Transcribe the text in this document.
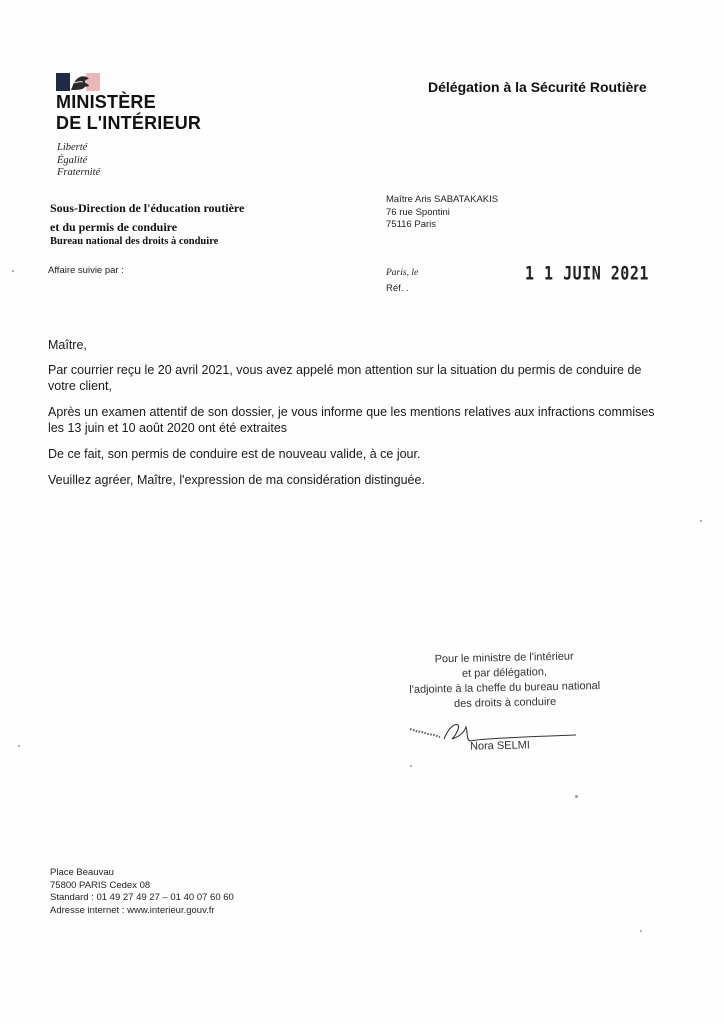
MINISTÈRE
DE L'INTÉRIEUR
Liberté
Égalité
Fraternité
Délégation à la Sécurité Routière
Sous-Direction de l'éducation routière
et du permis de conduire
Bureau national des droits à conduire
Maître Aris SABATAKAKIS
76 rue Spontini
75116 Paris
Affaire suivie par :	Paris, le	1 1 JUIN 2021
Réf. .

Maître,

Par courrier reçu le 20 avril 2021, vous avez appelé mon attention sur la situation du permis de conduire de votre client,

Après un examen attentif de son dossier, je vous informe que les mentions relatives aux infractions commises les 13 juin et 10 août 2020 ont été extraites

De ce fait, son permis de conduire est de nouveau valide, à ce jour.

Veuillez agréer, Maître, l'expression de ma considération distinguée.

Pour le ministre de l'intérieur
et par délégation,
l'adjointe à la cheffe du bureau national
des droits à conduire
Nora SELMI
Place Beauvau
75800 PARIS Cedex 08
Standard : 01 49 27 49 27 – 01 40 07 60 60
Adresse internet : www.interieur.gouv.fr
